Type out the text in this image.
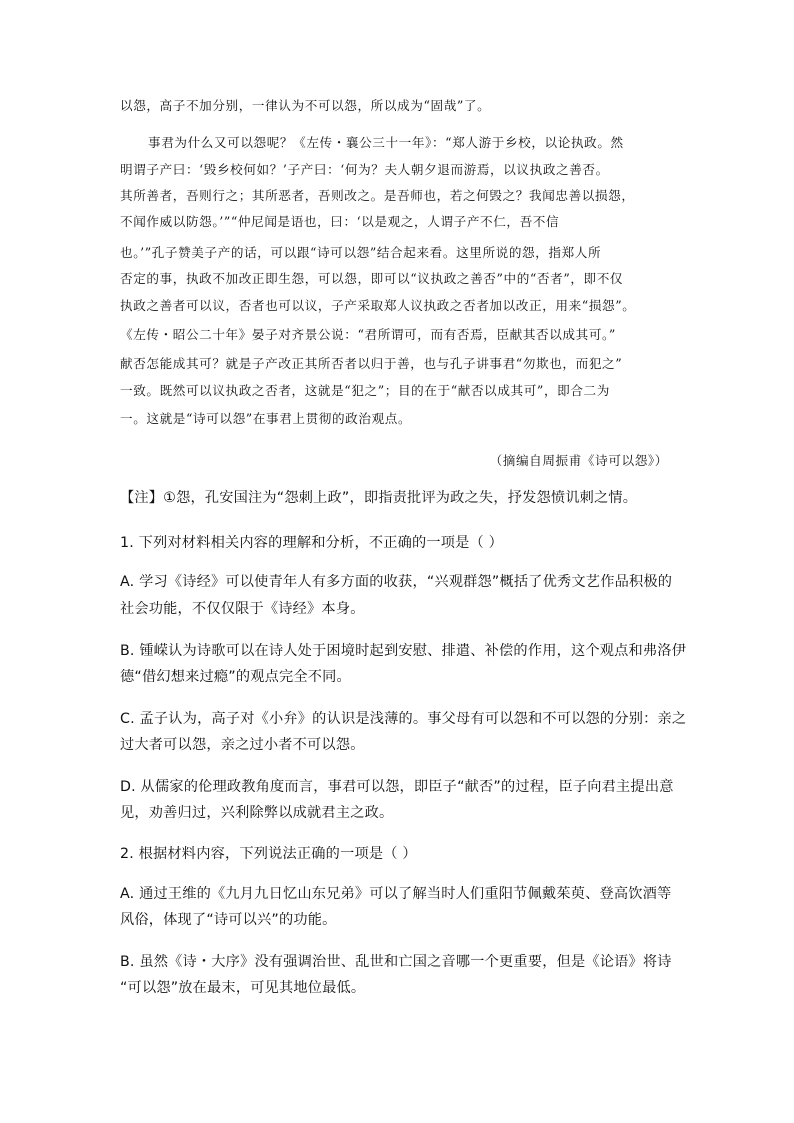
以怨，高子不加分别，一律认为不可以怨，所以成为“固哉”了。
事君为什么又可以怨呢？《左传・襄公三十一年》：“郑人游于乡校，以论执政。然
明谓子产曰：‘毁乡校何如？’子产曰：‘何为？夫人朝夕退而游焉，以议执政之善否。
其所善者，吾则行之；其所恶者，吾则改之。是吾师也，若之何毁之？我闻忠善以损怨，
不闻作威以防怨。’”“仲尼闻是语也，曰：‘以是观之，人谓子产不仁，吾不信
也。’”孔子赞美子产的话，可以跟“诗可以怨”结合起来看。这里所说的怨，指郑人所
否定的事，执政不加改正即生怨，可以怨，即可以“议执政之善否”中的“否者”，即不仅
执政之善者可以议，否者也可以议，子产采取郑人议执政之否者加以改正，用来“损怨”。
《左传・昭公二十年》晏子对齐景公说：“君所谓可，而有否焉，臣献其否以成其可。”
献否怎能成其可？就是子产改正其所否者以归于善，也与孔子讲事君“勿欺也，而犯之”
一致。既然可以议执政之否者，这就是“犯之”；目的在于“献否以成其可”，即合二为
一。这就是“诗可以怨”在事君上贯彻的政治观点。
（摘编自周振甫《诗可以怨》）
【注】①怨，孔安国注为“怨刺上政”，即指责批评为政之失，抒发怨愤讥刺之情。
1. 下列对材料相关内容的理解和分析，不正确的一项是（ ）
A. 学习《诗经》可以使青年人有多方面的收获，“兴观群怨”概括了优秀文艺作品积极的
社会功能，不仅仅限于《诗经》本身。
B. 锺嵘认为诗歌可以在诗人处于困境时起到安慰、排遣、补偿的作用，这个观点和弗洛伊
德“借幻想来过瘾”的观点完全不同。
C. 孟子认为，高子对《小弁》的认识是浅薄的。事父母有可以怨和不可以怨的分别：亲之
过大者可以怨，亲之过小者不可以怨。
D. 从儒家的伦理政教角度而言，事君可以怨，即臣子“献否”的过程，臣子向君主提出意
见，劝善归过，兴利除弊以成就君主之政。
2. 根据材料内容，下列说法正确的一项是（ ）
A. 通过王维的《九月九日忆山东兄弟》可以了解当时人们重阳节佩戴茱萸、登高饮酒等
风俗，体现了“诗可以兴”的功能。
B. 虽然《诗・大序》没有强调治世、乱世和亡国之音哪一个更重要，但是《论语》将诗
“可以怨”放在最末，可见其地位最低。
